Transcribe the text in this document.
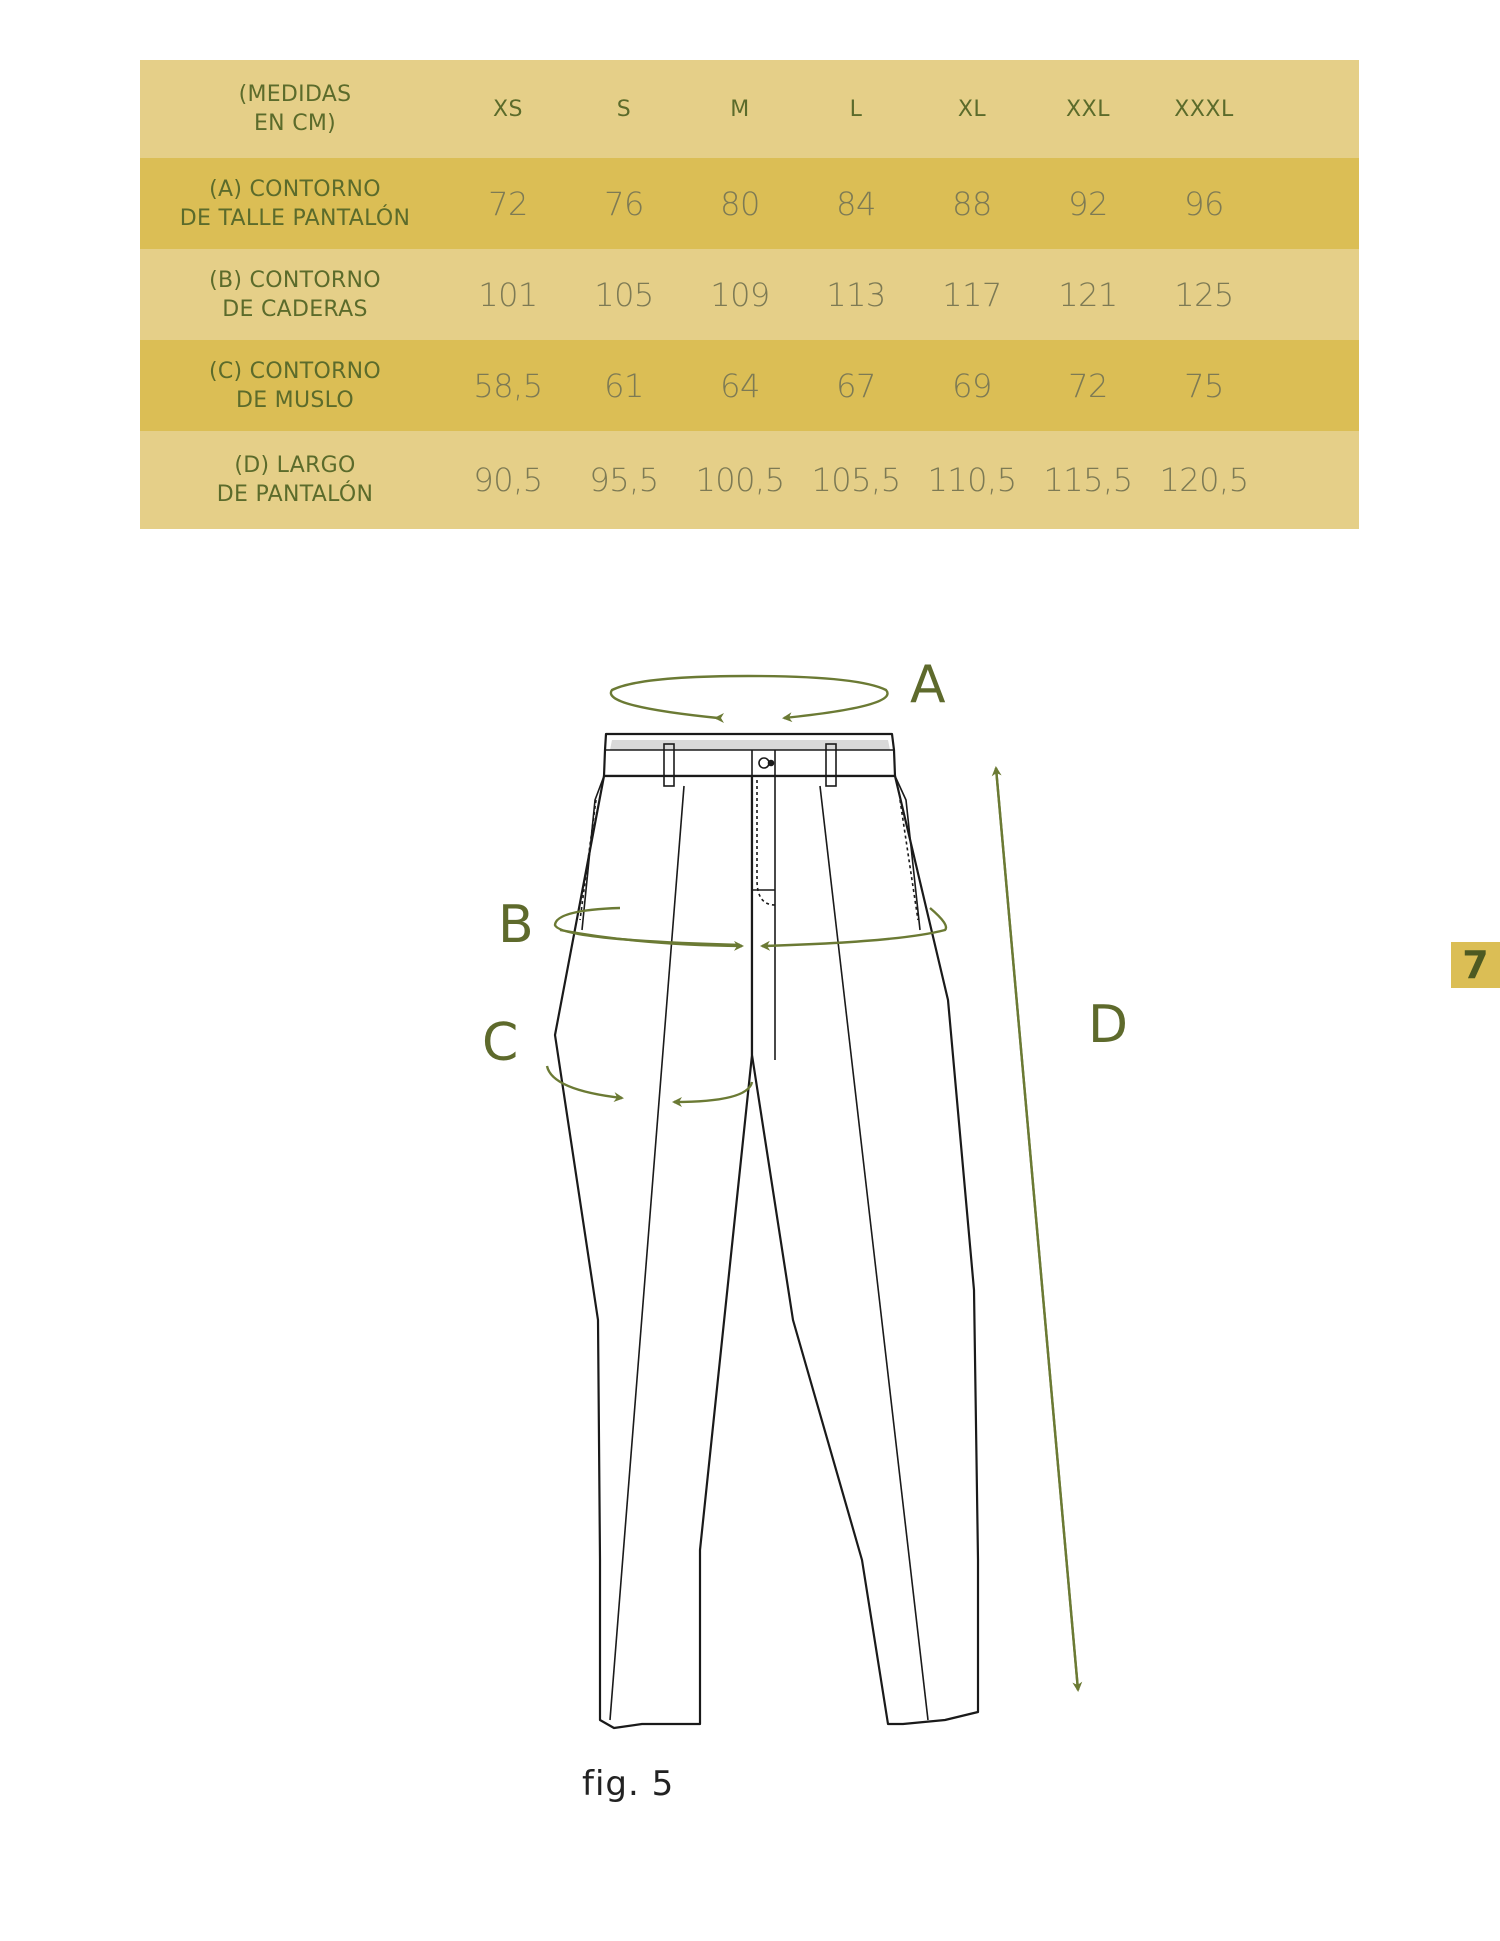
(MEDIDAS
EN CM)	XS	S	M	L	XL	XXL	XXXL	

(A) CONTORNO
DE TALLE PANTALÓN	72	76	80	84	88	92	96	

(B) CONTORNO
DE CADERAS	101	105	109	113	117	121	125	

(C) CONTORNO
DE MUSLO	58,5	61	64	67	69	72	75	

(D) LARGO
DE PANTALÓN	90,5	95,5	100,5	105,5	110,5	115,5	120,5	
A
B
C	D
fig. 5
7
